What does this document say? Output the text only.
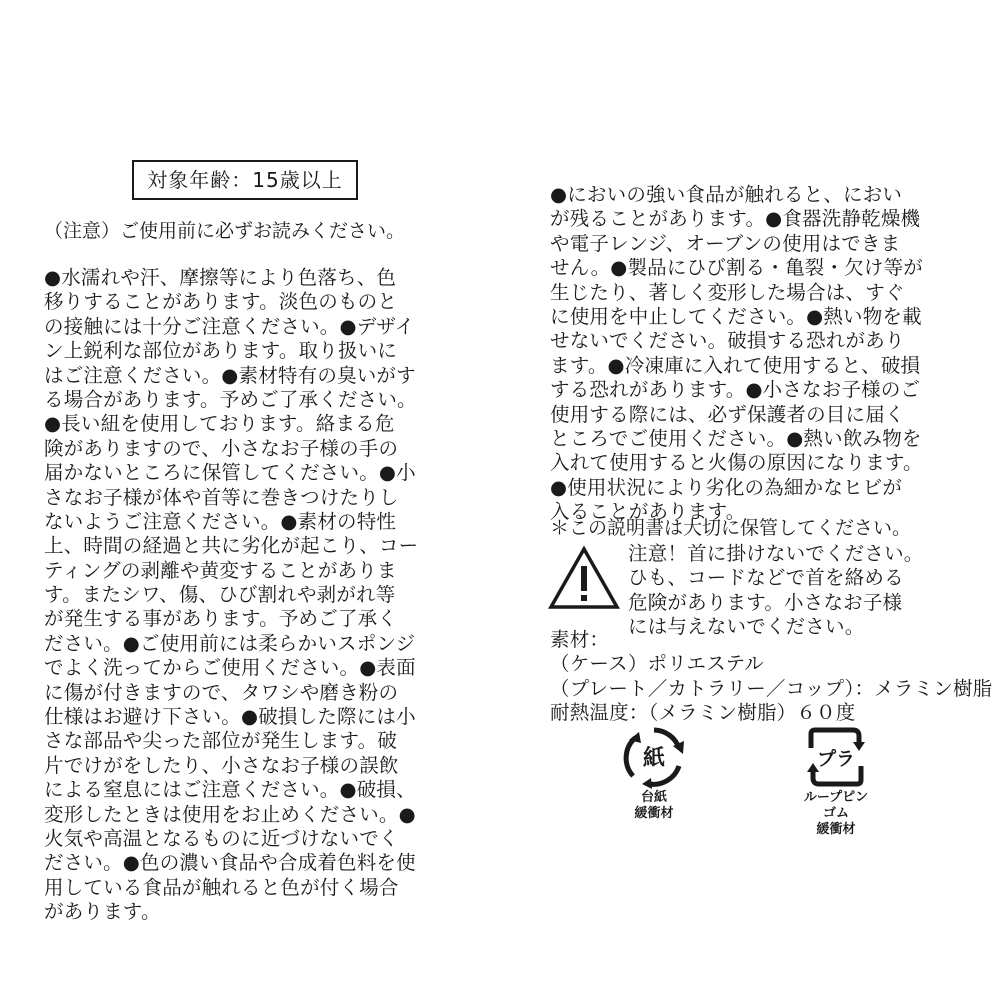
対象年齢：15歳以上
（注意）ご使用前に必ずお読みください。
●水濡れや汗、摩擦等により色落ち、色
移りすることがあります。淡色のものと
の接触には十分ご注意ください。●デザイ
ン上鋭利な部位があります。取り扱いに
はご注意ください。●素材特有の臭いがす
る場合があります。予めご了承ください。
●長い紐を使用しております。絡まる危
険がありますので、小さなお子様の手の
届かないところに保管してください。●小
さなお子様が体や首等に巻きつけたりし
ないようご注意ください。●素材の特性
上、時間の経過と共に劣化が起こり、コー
ティングの剥離や黄変することがありま
す。またシワ、傷、ひび割れや剥がれ等
が発生する事があります。予めご了承く
ださい。●ご使用前には柔らかいスポンジ
でよく洗ってからご使用ください。●表面
に傷が付きますので、タワシや磨き粉の
仕様はお避け下さい。●破損した際には小
さな部品や尖った部位が発生します。破
片でけがをしたり、小さなお子様の誤飲
による窒息にはご注意ください。●破損、
変形したときは使用をお止めください。●
火気や高温となるものに近づけないでく
ださい。●色の濃い食品や合成着色料を使
用している食品が触れると色が付く場合
があります。
●においの強い食品が触れると、におい
が残ることがあります。●食器洗静乾燥機
や電子レンジ、オーブンの使用はできま
せん。●製品にひび割る・亀裂・欠け等が
生じたり、著しく変形した場合は、すぐ
に使用を中止してください。●熱い物を載
せないでください。破損する恐れがあり
ます。●冷凍庫に入れて使用すると、破損
する恐れがあります。●小さなお子様のご
使用する際には、必ず保護者の目に届く
ところでご使用ください。●熱い飲み物を
入れて使用すると火傷の原因になります。
●使用状況により劣化の為細かなヒビが
入ることがあります。
＊この説明書は大切に保管してください。
注意！首に掛けないでください。
ひも、コードなどで首を絡める
危険があります。小さなお子様
には与えないでください。
素材：
（ケース）ポリエステル
（プレート／カトラリー／コップ）：メラミン樹脂
耐熱温度：（メラミン樹脂）６０度
紙
台紙
緩衝材
プラ
ループピン
ゴム
緩衝材
